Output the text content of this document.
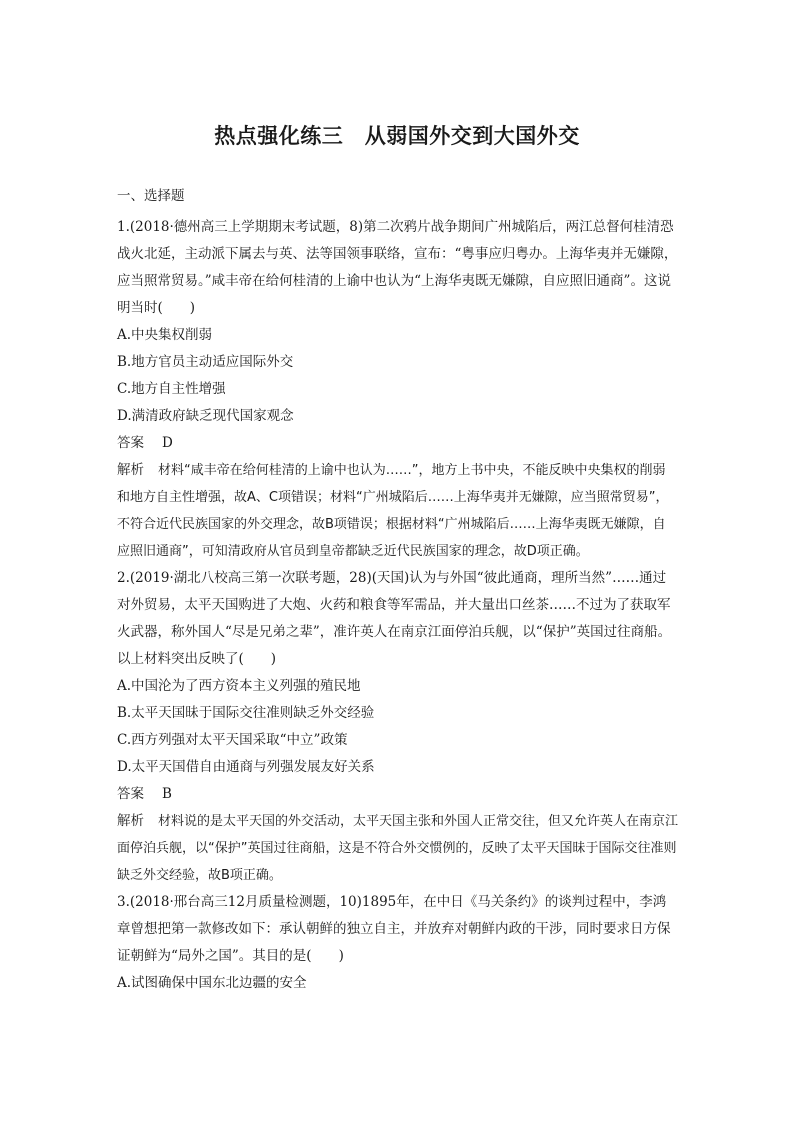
热点强化练三　从弱国外交到大国外交

一、选择题

1.(2018·德州高三上学期期末考试题，8)第二次鸦片战争期间广州城陷后，两江总督何桂清恐战火北延，主动派下属去与英、法等国领事联络，宣布：“粤事应归粤办。上海华夷并无嫌隙，应当照常贸易。”咸丰帝在给何桂清的上谕中也认为“上海华夷既无嫌隙，自应照旧通商”。这说明当时(　　)

A.中央集权削弱

B.地方官员主动适应国际外交

C.地方自主性增强

D.满清政府缺乏现代国家观念

答案 D

解析 材料“咸丰帝在给何桂清的上谕中也认为……”，地方上书中央，不能反映中央集权的削弱和地方自主性增强，故A、C项错误；材料“广州城陷后……上海华夷并无嫌隙，应当照常贸易”，不符合近代民族国家的外交理念，故B项错误；根据材料“广州城陷后……上海华夷既无嫌隙，自应照旧通商”，可知清政府从官员到皇帝都缺乏近代民族国家的理念，故D项正确。

2.(2019·湖北八校高三第一次联考题，28)(天国)认为与外国“彼此通商，理所当然”……通过对外贸易，太平天国购进了大炮、火药和粮食等军需品，并大量出口丝茶……不过为了获取军火武器，称外国人“尽是兄弟之辈”，准许英人在南京江面停泊兵舰，以“保护”英国过往商船。以上材料突出反映了(　　)

A.中国沦为了西方资本主义列强的殖民地

B.太平天国昧于国际交往准则缺乏外交经验

C.西方列强对太平天国采取“中立”政策

D.太平天国借自由通商与列强发展友好关系

答案 B

解析 材料说的是太平天国的外交活动，太平天国主张和外国人正常交往，但又允许英人在南京江面停泊兵舰，以“保护”英国过往商船，这是不符合外交惯例的，反映了太平天国昧于国际交往准则缺乏外交经验，故B项正确。

3.(2018·邢台高三12月质量检测题，10)1895年，在中日《马关条约》的谈判过程中，李鸿章曾想把第一款修改如下：承认朝鲜的独立自主，并放弃对朝鲜内政的干涉，同时要求日方保证朝鲜为“局外之国”。其目的是(　　)

A.试图确保中国东北边疆的安全
